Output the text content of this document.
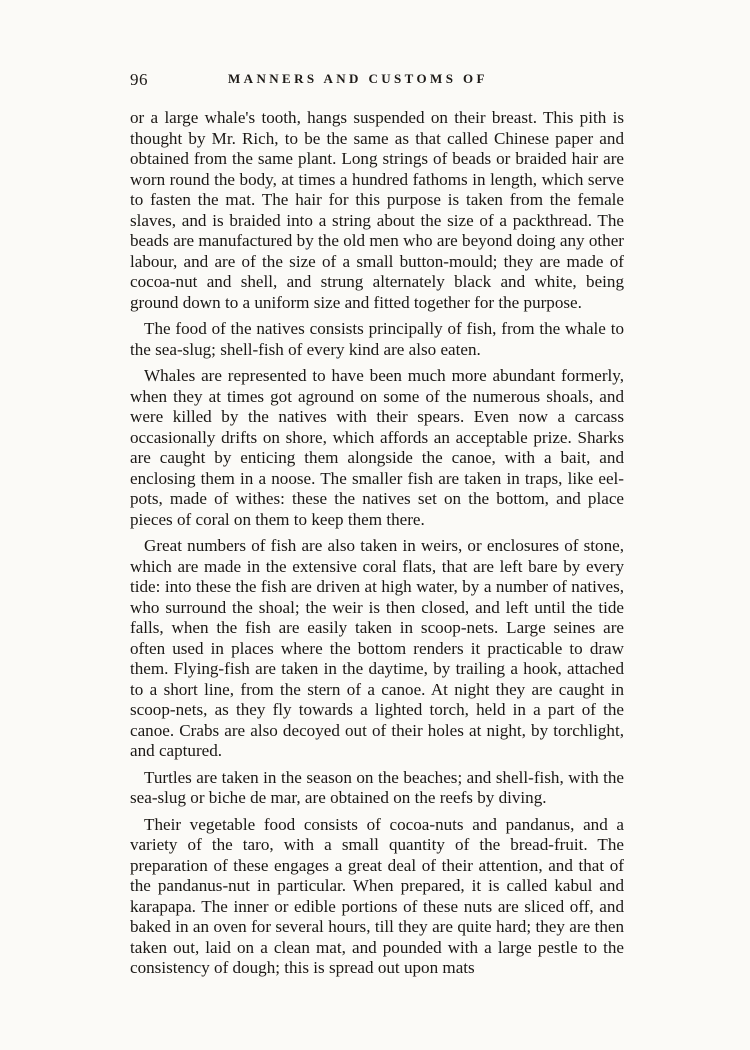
96	MANNERS AND CUSTOMS OF

or a large whale's tooth, hangs suspended on their breast. This pith is thought by Mr. Rich, to be the same as that called Chinese paper and obtained from the same plant. Long strings of beads or braided hair are worn round the body, at times a hundred fathoms in length, which serve to fasten the mat. The hair for this purpose is taken from the female slaves, and is braided into a string about the size of a packthread. The beads are manufactured by the old men who are beyond doing any other labour, and are of the size of a small button-mould; they are made of cocoa-nut and shell, and strung alternately black and white, being ground down to a uniform size and fitted together for the purpose.

The food of the natives consists principally of fish, from the whale to the sea-slug; shell-fish of every kind are also eaten.

Whales are represented to have been much more abundant formerly, when they at times got aground on some of the numerous shoals, and were killed by the natives with their spears. Even now a carcass occasionally drifts on shore, which affords an acceptable prize. Sharks are caught by enticing them alongside the canoe, with a bait, and enclosing them in a noose. The smaller fish are taken in traps, like eel-pots, made of withes: these the natives set on the bottom, and place pieces of coral on them to keep them there.

Great numbers of fish are also taken in weirs, or enclosures of stone, which are made in the extensive coral flats, that are left bare by every tide: into these the fish are driven at high water, by a number of natives, who surround the shoal; the weir is then closed, and left until the tide falls, when the fish are easily taken in scoop-nets. Large seines are often used in places where the bottom renders it practicable to draw them. Flying-fish are taken in the daytime, by trailing a hook, attached to a short line, from the stern of a canoe. At night they are caught in scoop-nets, as they fly towards a lighted torch, held in a part of the canoe. Crabs are also decoyed out of their holes at night, by torchlight, and captured.

Turtles are taken in the season on the beaches; and shell-fish, with the sea-slug or biche de mar, are obtained on the reefs by diving.

Their vegetable food consists of cocoa-nuts and pandanus, and a variety of the taro, with a small quantity of the bread-fruit. The preparation of these engages a great deal of their attention, and that of the pandanus-nut in particular. When prepared, it is called kabul and karapapa. The inner or edible portions of these nuts are sliced off, and baked in an oven for several hours, till they are quite hard; they are then taken out, laid on a clean mat, and pounded with a large pestle to the consistency of dough; this is spread out upon mats
